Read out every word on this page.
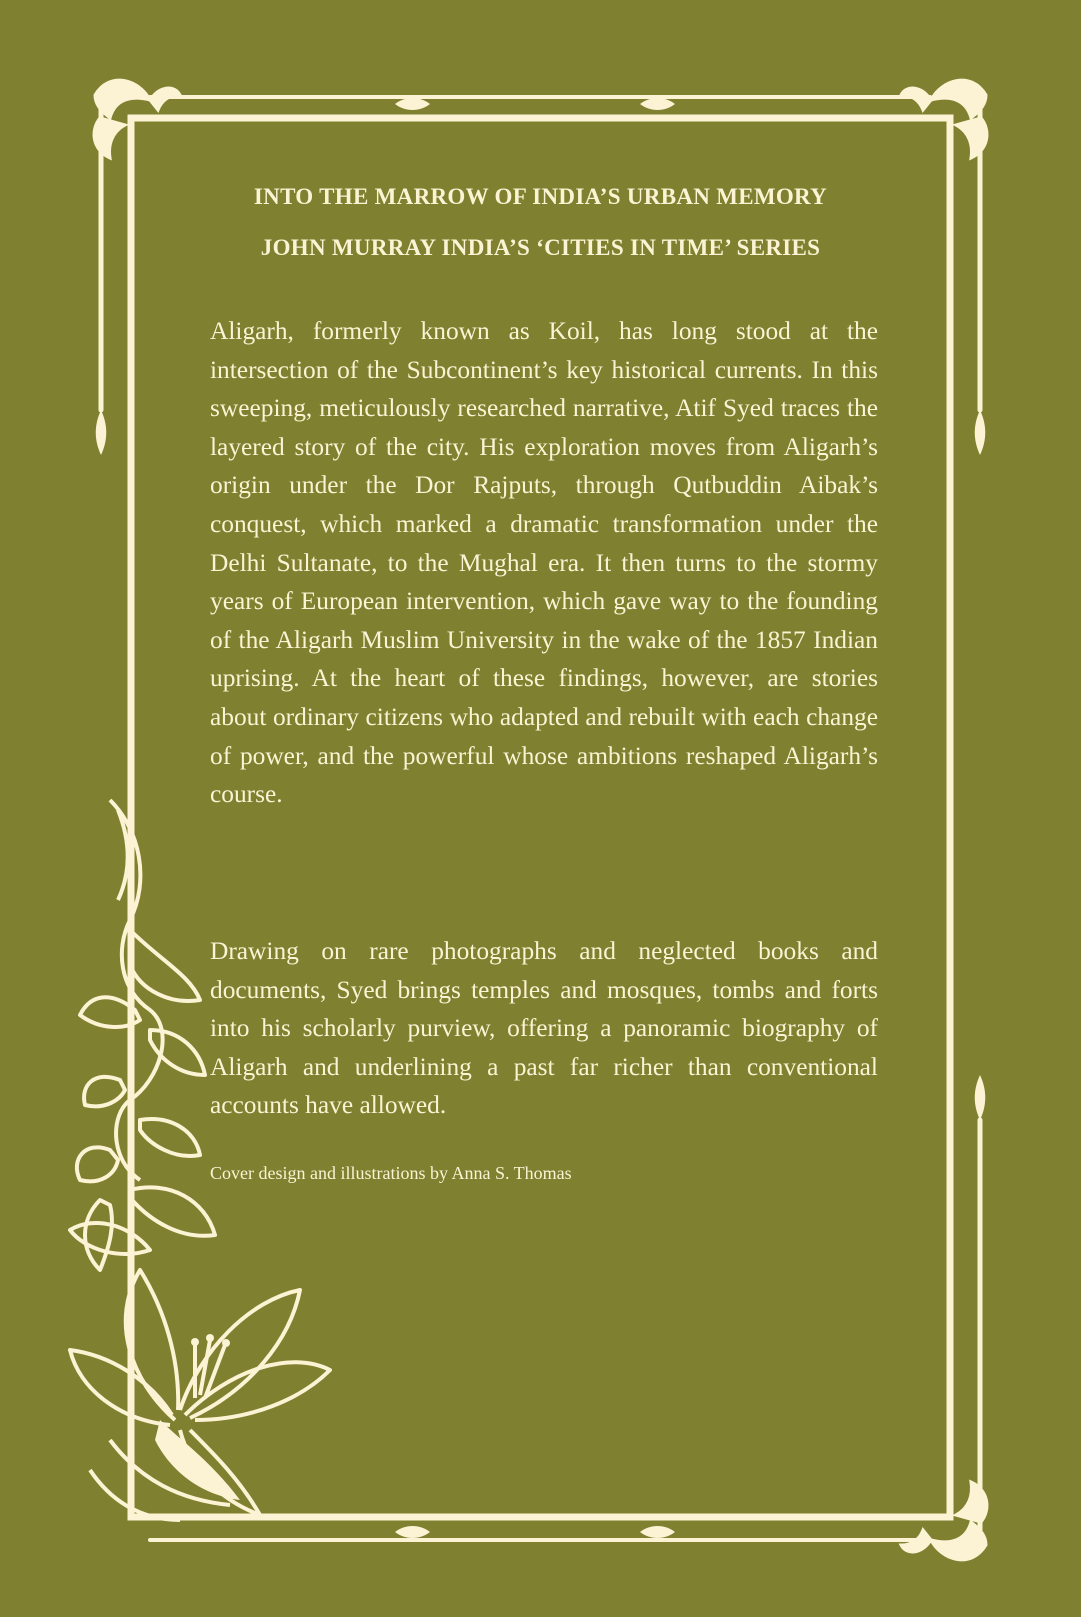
INTO THE MARROW OF INDIA’S URBAN MEMORY

JOHN MURRAY INDIA’S ‘CITIES IN TIME’ SERIES

Aligarh, formerly known as Koil, has long stood at the intersection of the Subcontinent’s key historical currents. In this sweeping, meticulously researched narrative, Atif Syed traces the layered story of the city. His exploration moves from Aligarh’s origin under the Dor Rajputs, through Qutbuddin Aibak’s conquest, which marked a dramatic transformation under the Delhi Sultanate, to the Mughal era. It then turns to the stormy years of European intervention, which gave way to the founding of the Aligarh Muslim University in the wake of the 1857 Indian uprising. At the heart of these findings, however, are stories about ordinary citizens who adapted and rebuilt with each change of power, and the powerful whose ambitions reshaped Aligarh’s course.

Drawing on rare photographs and neglected books and documents, Syed brings temples and mosques, tombs and forts into his scholarly purview, offering a panoramic biography of Aligarh and underlining a past far richer than conventional accounts have allowed.

Cover design and illustrations by Anna S. Thomas
